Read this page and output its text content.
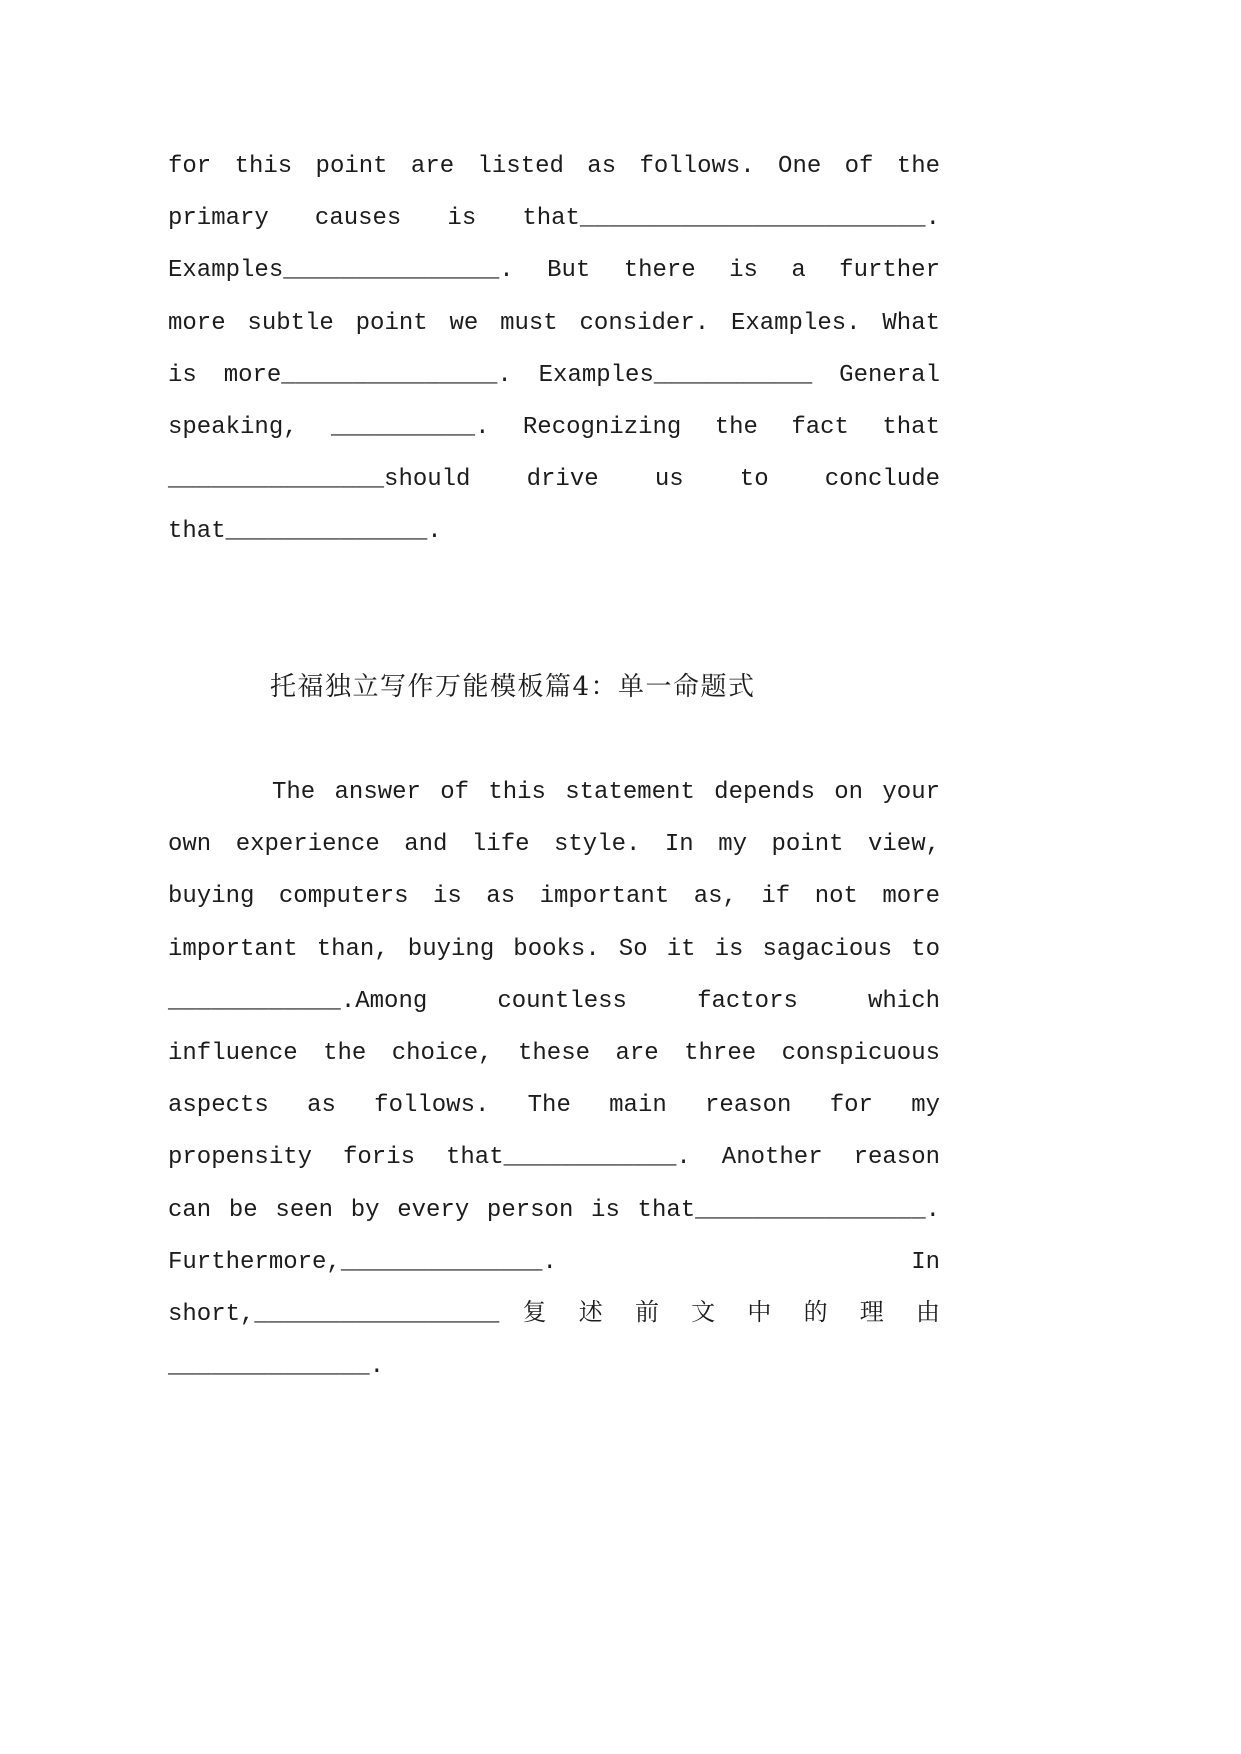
for this point are listed as follows. One of the
primary causes is that________________________.
Examples_______________. But there is a further
more subtle point we must consider. Examples. What
is more_______________. Examples___________ General
speaking, __________. Recognizing the fact that
_______________should drive us to conclude
that______________.
托福独立写作万能模板篇4：单一命题式
The answer of this statement depends on your
own experience and life style. In my point view,
buying computers is as important as, if not more
important than, buying books. So it is sagacious to
____________.Among countless factors which
influence the choice, these are three conspicuous
aspects as follows. The main reason for my
propensity foris that____________. Another reason
can be seen by every person is that________________.
Furthermore,______________. In
short,_________________ 复 述 前 文 中 的 理 由
______________.
